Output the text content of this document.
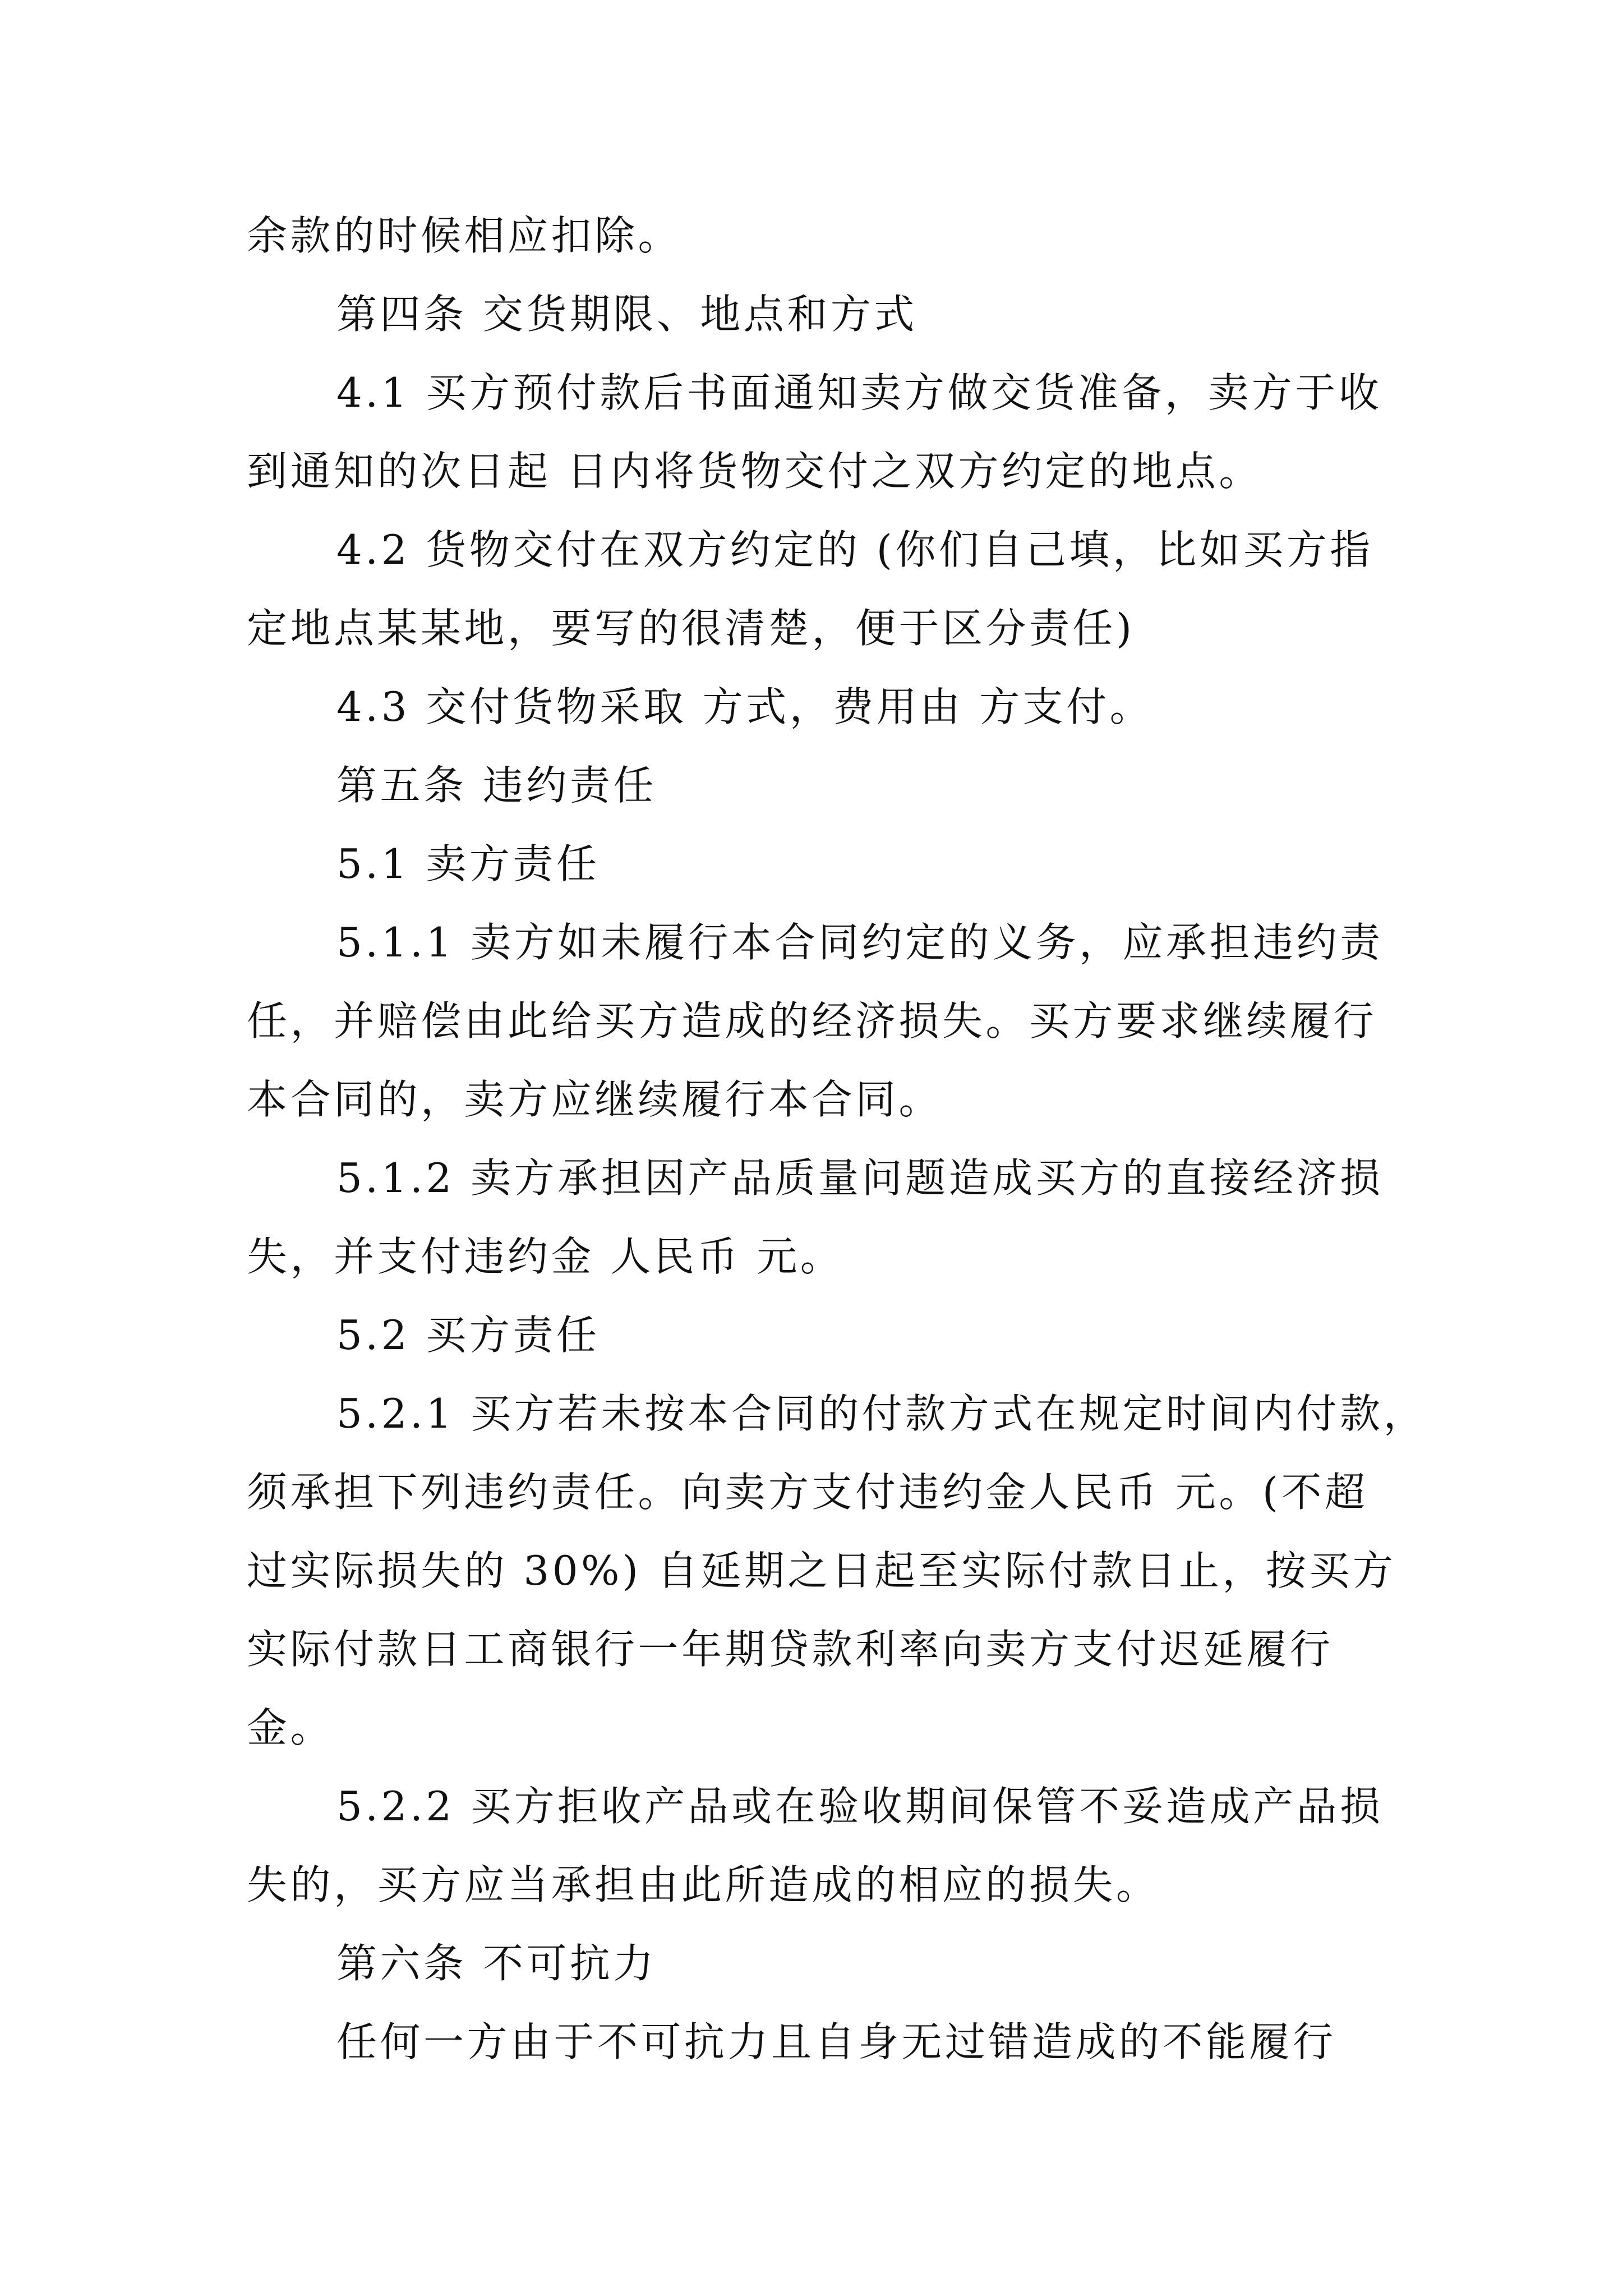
余款的时候相应扣除。
第四条 交货期限、地点和方式
4.1 买方预付款后书面通知卖方做交货准备，卖方于收
到通知的次日起 日内将货物交付之双方约定的地点。
4.2 货物交付在双方约定的 (你们自己填，比如买方指
定地点某某地，要写的很清楚，便于区分责任)
4.3 交付货物采取 方式，费用由 方支付。
第五条 违约责任
5.1 卖方责任
5.1.1 卖方如未履行本合同约定的义务，应承担违约责
任，并赔偿由此给买方造成的经济损失。买方要求继续履行
本合同的，卖方应继续履行本合同。
5.1.2 卖方承担因产品质量问题造成买方的直接经济损
失，并支付违约金 人民币 元。
5.2 买方责任
5.2.1 买方若未按本合同的付款方式在规定时间内付款，
须承担下列违约责任。向卖方支付违约金人民币 元。(不超
过实际损失的 30%) 自延期之日起至实际付款日止，按买方
实际付款日工商银行一年期贷款利率向卖方支付迟延履行
金。
5.2.2 买方拒收产品或在验收期间保管不妥造成产品损
失的，买方应当承担由此所造成的相应的损失。
第六条 不可抗力
任何一方由于不可抗力且自身无过错造成的不能履行
